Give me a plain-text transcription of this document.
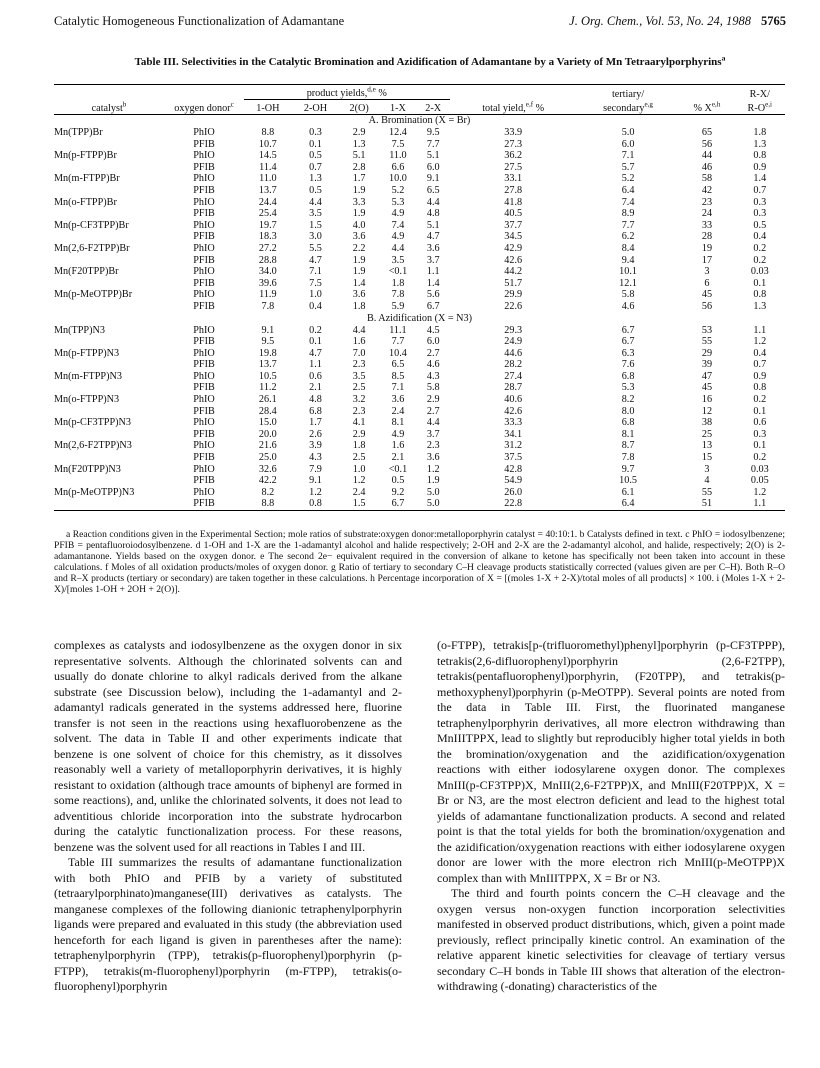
Catalytic Homogeneous Functionalization of Adamantane	J. Org. Chem., Vol. 53, No. 24, 1988 5765
Table III. Selectivities in the Catalytic Bromination and Azidification of Adamantane by a Variety of Mn Tetraarylporphyrins$^a$
		product yields,$^{d,e}$ %						tertiary/		R-X/
catalyst$^b$	oxygen donor$^c$	1-OH	2-OH	2(O)	1-X	2-X	total yield,$^{e,f}$ %	secondary$^{e,g}$	% X$^{e,h}$	$R-O^{e,i}$
A. Bromination (X = Br)										
Mn(TPP)Br	PhIO	8.8	0.3	2.9	12.4	9.5	33.9	5.0	65	1.8
	PFIB	10.7	0.1	1.3	7.5	7.7	27.3	6.0	56	1.3
Mn(p-FTPP)Br	PhIO	14.5	0.5	5.1	11.0	5.1	36.2	7.1	44	0.8
	PFIB	11.4	0.7	2.8	6.6	6.0	27.5	5.7	46	0.9
Mn(m-FTPP)Br	PhIO	11.0	1.3	1.7	10.0	9.1	33.1	5.2	58	1.4
	PFIB	13.7	0.5	1.9	5.2	6.5	27.8	6.4	42	0.7
Mn(o-FTPP)Br	PhIO	24.4	4.4	3.3	5.3	4.4	41.8	7.4	23	0.3
	PFIB	25.4	3.5	1.9	4.9	4.8	40.5	8.9	24	0.3
Mn(p-CF3TPP)Br	PhIO	19.7	1.5	4.0	7.4	5.1	37.7	7.7	33	0.5
	PFIB	18.3	3.0	3.6	4.9	4.7	34.5	6.2	28	0.4
Mn(2,6-F2TPP)Br	PhIO	27.2	5.5	2.2	4.4	3.6	42.9	8.4	19	0.2
	PFIB	28.8	4.7	1.9	3.5	3.7	42.6	9.4	17	0.2
Mn(F20TPP)Br	PhIO	34.0	7.1	1.9	<0.1	1.1	44.2	10.1	3	0.03
	PFIB	39.6	7.5	1.4	1.8	1.4	51.7	12.1	6	0.1
Mn(p-MeOTPP)Br	PhIO	11.9	1.0	3.6	7.8	5.6	29.9	5.8	45	0.8
	PFIB	7.8	0.4	1.8	5.9	6.7	22.6	4.6	56	1.3
B. Azidification (X = N3)										
Mn(TPP)N3	PhIO	9.1	0.2	4.4	11.1	4.5	29.3	6.7	53	1.1
	PFIB	9.5	0.1	1.6	7.7	6.0	24.9	6.7	55	1.2
Mn(p-FTPP)N3	PhIO	19.8	4.7	7.0	10.4	2.7	44.6	6.3	29	0.4
	PFIB	13.7	1.1	2.3	6.5	4.6	28.2	7.6	39	0.7
Mn(m-FTPP)N3	PhIO	10.5	0.6	3.5	8.5	4.3	27.4	6.8	47	0.9
	PFIB	11.2	2.1	2.5	7.1	5.8	28.7	5.3	45	0.8
Mn(o-FTPP)N3	PhIO	26.1	4.8	3.2	3.6	2.9	40.6	8.2	16	0.2
	PFIB	28.4	6.8	2.3	2.4	2.7	42.6	8.0	12	0.1
Mn(p-CF3TPP)N3	PhIO	15.0	1.7	4.1	8.1	4.4	33.3	6.8	38	0.6
	PFIB	20.0	2.6	2.9	4.9	3.7	34.1	8.1	25	0.3
Mn(2,6-F2TPP)N3	PhIO	21.6	3.9	1.8	1.6	2.3	31.2	8.7	13	0.1
	PFIB	25.0	4.3	2.5	2.1	3.6	37.5	7.8	15	0.2
Mn(F20TPP)N3	PhIO	32.6	7.9	1.0	<0.1	1.2	42.8	9.7	3	0.03
	PFIB	42.2	9.1	1.2	0.5	1.9	54.9	10.5	4	0.05
Mn(p-MeOTPP)N3	PhIO	8.2	1.2	2.4	9.2	5.0	26.0	6.1	55	1.2
	PFIB	8.8	0.8	1.5	6.7	5.0	22.8	6.4	51	1.1

a Reaction conditions given in the Experimental Section; mole ratios of substrate:oxygen donor:metalloporphyrin catalyst = 40:10:1. b Catalysts defined in text. c PhIO = iodosylbenzene; PFIB = pentafluoroiodosylbenzene. d 1-OH and 1-X are the 1-adamantyl alcohol and halide respectively; 2-OH and 2-X are the 2-adamantyl alcohol, and halide, respectively; 2(O) is 2-adamantanone. Yields based on the oxygen donor. e The second 2e− equivalent required in the conversion of alkane to ketone has specifically not been taken into account in these calculations. f Moles of all oxidation products/moles of oxygen donor. g Ratio of tertiary to secondary C–H cleavage products statistically corrected (values given are per C–H). Both R–O and R–X products (tertiary or secondary) are taken together in these calculations. h Percentage incorporation of X = [(moles 1-X + 2-X)/total moles of all products] × 100. i (Moles 1-X + 2-X)/[moles 1-OH + 2OH + 2(O)].

complexes as catalysts and iodosylbenzene as the oxygen donor in six representative solvents. Although the chlorinated solvents can and usually do donate chlorine to alkyl radicals derived from the alkane substrate (see Discussion below), including the 1-adamantyl and 2-adamantyl radicals generated in the systems addressed here, fluorine transfer is not seen in the reactions using hexafluorobenzene as the solvent. The data in Table II and other experiments indicate that benzene is one solvent of choice for this chemistry, as it dissolves reasonably well a variety of metalloporphyrin derivatives, it is highly resistant to oxidation (although trace amounts of biphenyl are formed in some reactions), and, unlike the chlorinated solvents, it does not lead to adventitious chloride incorporation into the substrate hydrocarbon during the catalytic functionalization process. For these reasons, benzene was the solvent used for all reactions in Tables I and III.

Table III summarizes the results of adamantane functionalization with both PhIO and PFIB by a variety of substituted (tetraarylporphinato)manganese(III) derivatives as catalysts. The manganese complexes of the following dianionic tetraphenylporphyrin ligands were prepared and evaluated in this study (the abbreviation used henceforth for each ligand is given in parentheses after the name): tetraphenylporphyrin (TPP), tetrakis(p-fluorophenyl)porphyrin (p-FTPP), tetrakis(m-fluorophenyl)porphyrin (m-FTPP), tetrakis(o-fluorophenyl)porphyrin

(o-FTPP), tetrakis[p-(trifluoromethyl)phenyl]porphyrin (p-CF3TPPP), tetrakis(2,6-difluorophenyl)porphyrin (2,6-F2TPP), tetrakis(pentafluorophenyl)porphyrin, (F20TPP), and tetrakis(p-methoxyphenyl)porphyrin (p-MeOTPP). Several points are noted from the data in Table III. First, the fluorinated manganese tetraphenylporphyrin derivatives, all more electron withdrawing than MnIIITPPX, lead to slightly but reproducibly higher total yields in both the bromination/oxygenation and the azidification/oxygenation reactions with either iodosylarene oxygen donor. The complexes MnIII(p-CF3TPP)X, MnIII(2,6-F2TPP)X, and MnIII(F20TPP)X, X = Br or N3, are the most electron deficient and lead to the highest total yields of adamantane functionalization products. A second and related point is that the total yields for both the bromination/oxygenation and the azidification/oxygenation reactions with either iodosylarene oxygen donor are lower with the more electron rich MnIII(p-MeOTPP)X complex than with MnIIITPPX, X = Br or N3.

The third and fourth points concern the C–H cleavage and the oxygen versus non-oxygen function incorporation selectivities manifested in observed product distributions, which, given a point made previously, reflect principally kinetic control. An examination of the relative apparent kinetic selectivities for cleavage of tertiary versus secondary C–H bonds in Table III shows that alteration of the electron-withdrawing (-donating) characteristics of the
